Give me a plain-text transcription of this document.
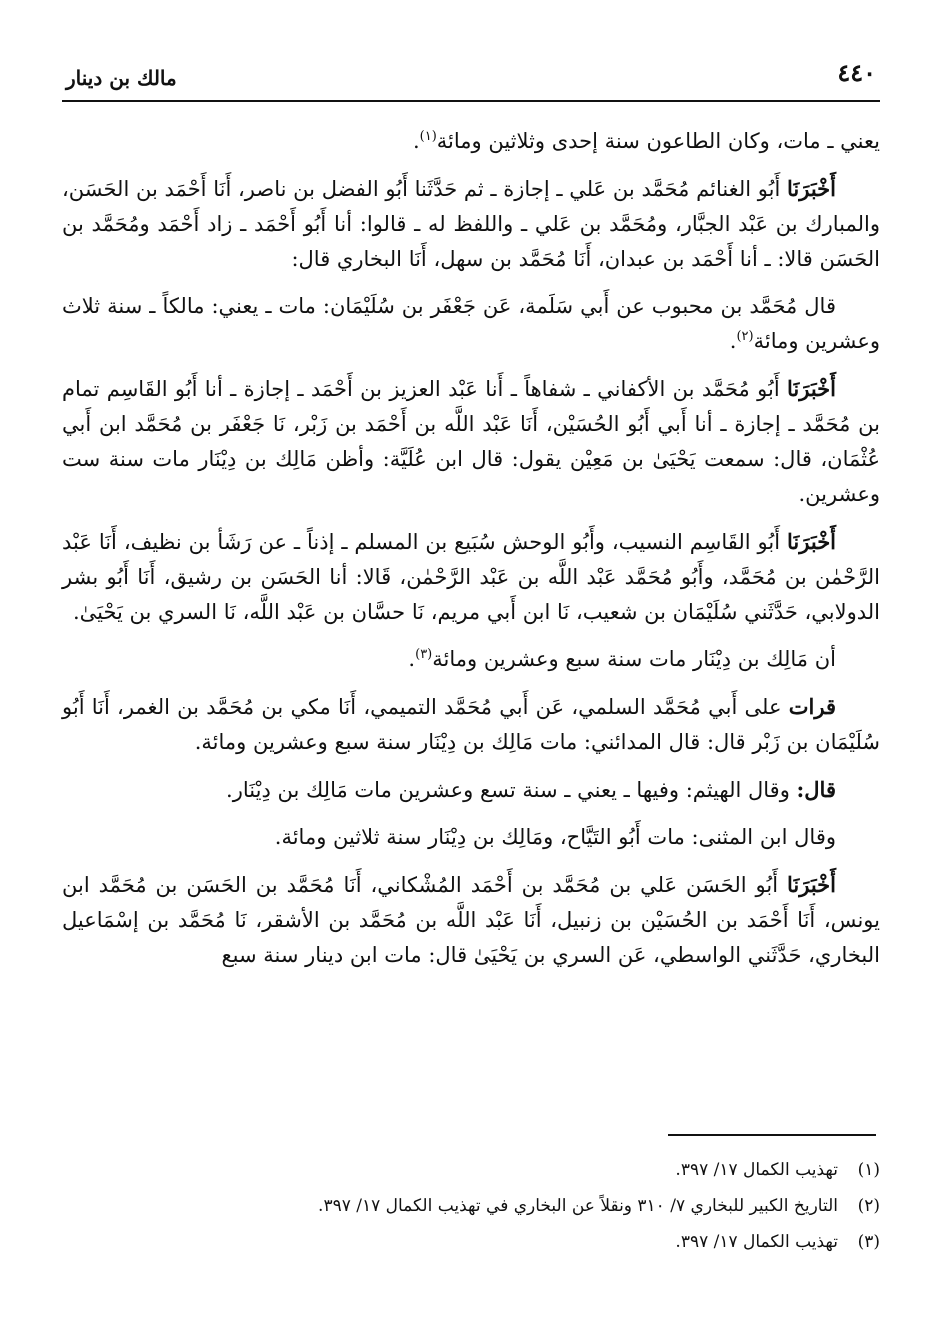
٤٤٠
مالك بن دينار

يعني ـ مات، وكان الطاعون سنة إحدى وثلاثين ومائة$^{(١)}$.

أَخْبَرَنَا أَبُو الغنائم مُحَمَّد بن عَلي ـ إجازة ـ ثم حَدَّثَنا أَبُو الفضل بن ناصر، أَنَا أَحْمَد بن الحَسَن، والمبارك بن عَبْد الجبَّار، ومُحَمَّد بن عَلي ـ واللفظ له ـ قالوا: أنا أَبُو أَحْمَد ـ زاد أَحْمَد ومُحَمَّد بن الحَسَن قالا: ـ أنا أَحْمَد بن عبدان، أَنَا مُحَمَّد بن سهل، أَنَا البخاري قال:

قال مُحَمَّد بن محبوب عن أَبي سَلَمة، عَن جَعْفَر بن سُلَيْمَان: مات ـ يعني: مالكاً ـ سنة ثلاث وعشرين ومائة$^{(٢)}$.

أَخْبَرَنَا أَبُو مُحَمَّد بن الأكفاني ـ شفاهاً ـ أَنا عَبْد العزيز بن أَحْمَد ـ إجازة ـ أنا أَبُو القَاسِم تمام بن مُحَمَّد ـ إجازة ـ أنا أَبي أَبُو الحُسَيْن، أَنَا عَبْد اللَّه بن أَحْمَد بن زَبْر، نَا جَعْفَر بن مُحَمَّد ابن أَبي عُثْمَان، قال: سمعت يَحْيَىٰ بن مَعِيْن يقول: قال ابن عُلَيَّة: وأظن مَالِك بن دِيْنَار مات سنة ست وعشرين.

أَخْبَرَنَا أَبُو القَاسِم النسيب، وأَبُو الوحش سُبَيع بن المسلم ـ إذناً ـ عن رَشَأ بن نظيف، أَنَا عَبْد الرَّحْمٰن بن مُحَمَّد، وأَبُو مُحَمَّد عَبْد اللَّه بن عَبْد الرَّحْمٰن، قَالا: أنا الحَسَن بن رشيق، أَنَا أَبُو بشر الدولابي، حَدَّثَني سُلَيْمَان بن شعيب، نَا ابن أَبي مريم، نَا حسَّان بن عَبْد اللَّه، نَا السري بن يَحْيَىٰ.

أن مَالِك بن دِيْنَار مات سنة سبع وعشرين ومائة$^{(٣)}$.

قرات على أَبي مُحَمَّد السلمي، عَن أَبي مُحَمَّد التميمي، أَنَا مكي بن مُحَمَّد بن الغمر، أَنَا أَبُو سُلَيْمَان بن زَبْر قال: قال المدائني: مات مَالِك بن دِيْنَار سنة سبع وعشرين ومائة.

قال: وقال الهيثم: وفيها ـ يعني ـ سنة تسع وعشرين مات مَالِك بن دِيْنَار.

وقال ابن المثنى: مات أَبُو التَيَّاح، ومَالِك بن دِيْنَار سنة ثلاثين ومائة.

أَخْبَرَنَا أَبُو الحَسَن عَلي بن مُحَمَّد بن أَحْمَد المُشْكاني، أَنَا مُحَمَّد بن الحَسَن بن مُحَمَّد ابن يونس، أَنَا أَحْمَد بن الحُسَيْن بن زنبيل، أَنَا عَبْد اللَّه بن مُحَمَّد بن الأشقر، نَا مُحَمَّد بن إسْمَاعيل البخاري، حَدَّثَني الواسطي، عَن السري بن يَحْيَىٰ قال: مات ابن دينار سنة سبع

(١)
تهذيب الكمال ١٧/ ٣٩٧.
(٢)
التاريخ الكبير للبخاري ٧/ ٣١٠ ونقلاً عن البخاري في تهذيب الكمال ١٧/ ٣٩٧.
(٣)
تهذيب الكمال ١٧/ ٣٩٧.
